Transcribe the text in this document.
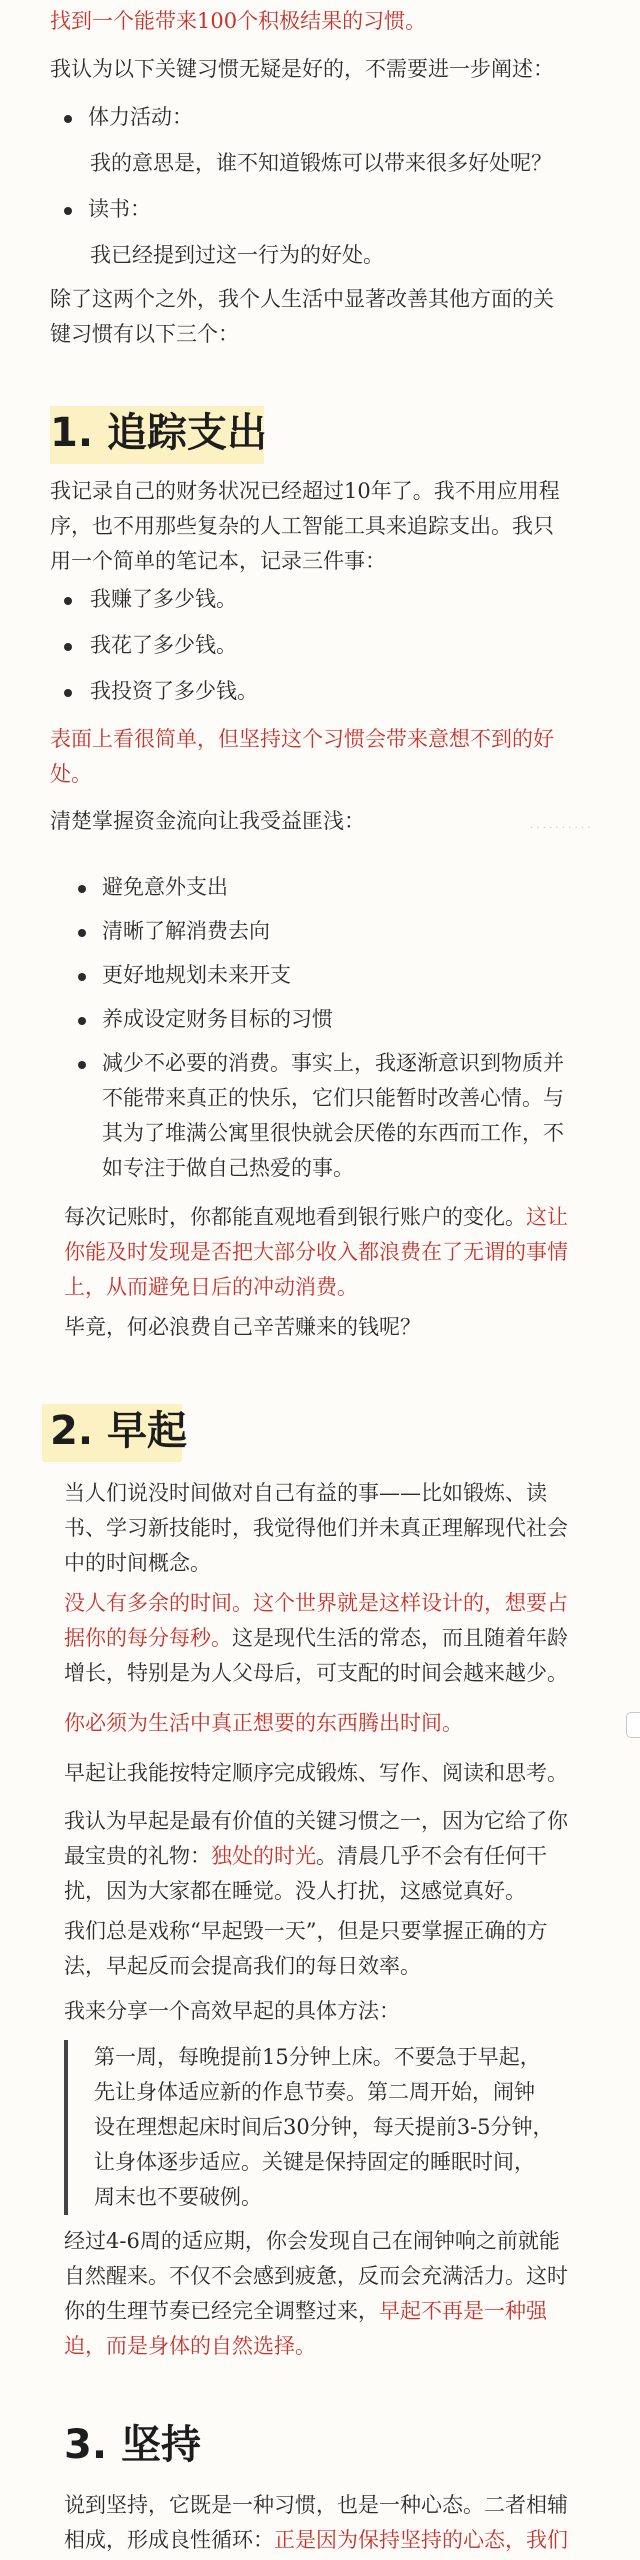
找到一个能带来100个积极结果的习惯。

我认为以下关键习惯无疑是好的，不需要进一步阐述：

体力活动：

我的意思是，谁不知道锻炼可以带来很多好处呢？

读书：

我已经提到过这一行为的好处。

除了这两个之外，我个人生活中显著改善其他方面的关

键习惯有以下三个：

1. 追踪支出

我记录自己的财务状况已经超过10年了。我不用应用程

序，也不用那些复杂的人工智能工具来追踪支出。我只

用一个简单的笔记本，记录三件事：

我赚了多少钱。
我花了多少钱。
我投资了多少钱。

表面上看很简单，但坚持这个习惯会带来意想不到的好

处。

· · · · · · · · · ·

清楚掌握资金流向让我受益匪浅：

避免意外支出
清晰了解消费去向
更好地规划未来开支
养成设定财务目标的习惯
减少不必要的消费。事实上，我逐渐意识到物质并
不能带来真正的快乐，它们只能暂时改善心情。与
其为了堆满公寓里很快就会厌倦的东西而工作，不
如专注于做自己热爱的事。

每次记账时，你都能直观地看到银行账户的变化。这让

你能及时发现是否把大部分收入都浪费在了无谓的事情

上，从而避免日后的冲动消费。

毕竟，何必浪费自己辛苦赚来的钱呢？

2. 早起

当人们说没时间做对自己有益的事——比如锻炼、读

书、学习新技能时，我觉得他们并未真正理解现代社会

中的时间概念。

没人有多余的时间。这个世界就是这样设计的，想要占

据你的每分每秒。这是现代生活的常态，而且随着年龄

增长，特别是为人父母后，可支配的时间会越来越少。

你必须为生活中真正想要的东西腾出时间。

早起让我能按特定顺序完成锻炼、写作、阅读和思考。

我认为早起是最有价值的关键习惯之一，因为它给了你

最宝贵的礼物：独处的时光。清晨几乎不会有任何干

扰，因为大家都在睡觉。没人打扰，这感觉真好。

我们总是戏称“早起毁一天”，但是只要掌握正确的方

法，早起反而会提高我们的每日效率。

我来分享一个高效早起的具体方法：

第一周，每晚提前15分钟上床。不要急于早起，

先让身体适应新的作息节奏。第二周开始，闹钟

设在理想起床时间后30分钟，每天提前3-5分钟，

让身体逐步适应。关键是保持固定的睡眠时间，

周末也不要破例。

经过4-6周的适应期，你会发现自己在闹钟响之前就能

自然醒来。不仅不会感到疲惫，反而会充满活力。这时

你的生理节奏已经完全调整过来，早起不再是一种强

迫，而是身体的自然选择。

3. 坚持

说到坚持，它既是一种习惯，也是一种心态。二者相辅

相成，形成良性循环：正是因为保持坚持的心态，我们
